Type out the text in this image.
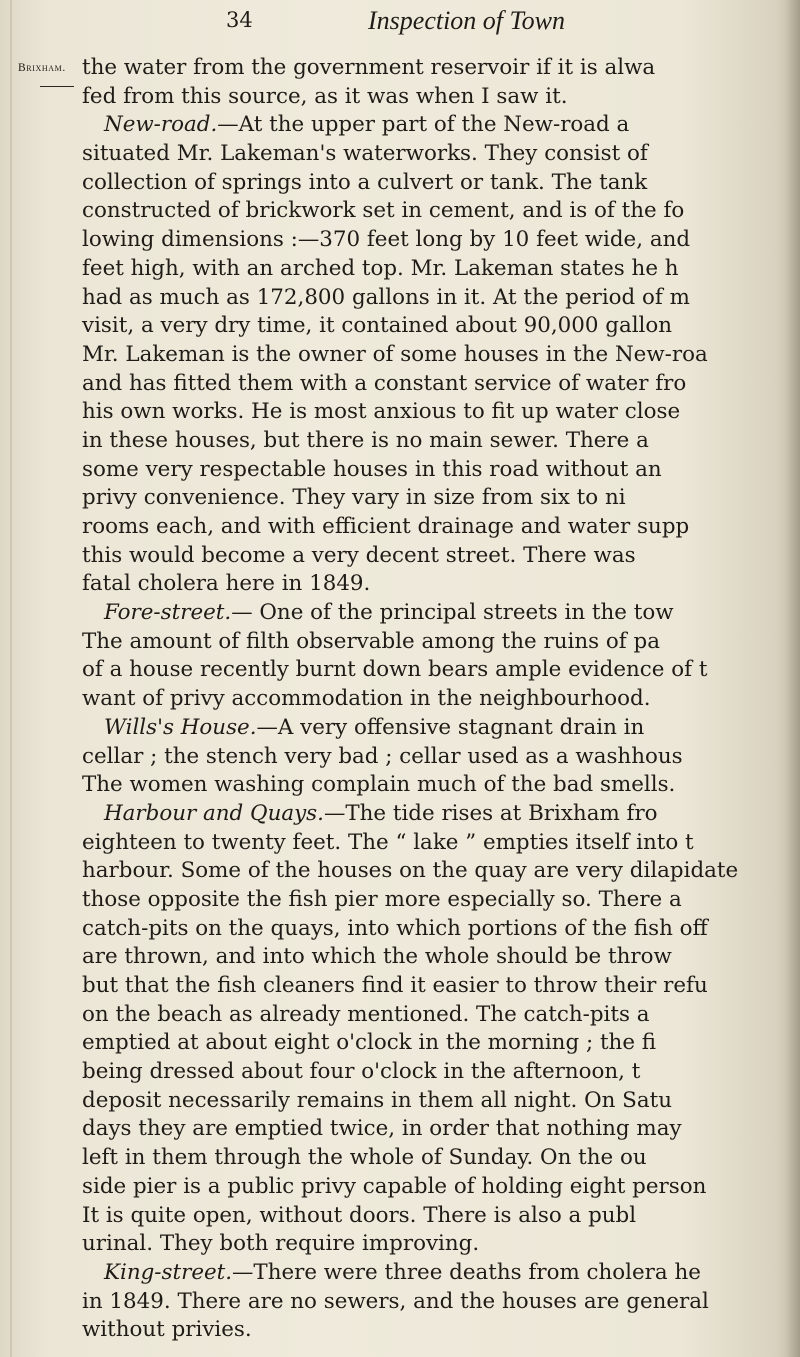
34	Inspection of Town
Brixham. the water from the government reservoir if it is alwa
fed from this source, as it was when I saw it.
New-road.—At the upper part of the New-road a
situated Mr. Lakeman's waterworks. They consist of
collection of springs into a culvert or tank. The tank
constructed of brickwork set in cement, and is of the fo
lowing dimensions :—370 feet long by 10 feet wide, and
feet high, with an arched top. Mr. Lakeman states he h
had as much as 172,800 gallons in it. At the period of m
visit, a very dry time, it contained about 90,000 gallon
Mr. Lakeman is the owner of some houses in the New-roa
and has fitted them with a constant service of water fro
his own works. He is most anxious to fit up water close
in these houses, but there is no main sewer. There a
some very respectable houses in this road without an
privy convenience. They vary in size from six to ni
rooms each, and with efficient drainage and water supp
this would become a very decent street. There was
fatal cholera here in 1849.
Fore-street.— One of the principal streets in the tow
The amount of filth observable among the ruins of pa
of a house recently burnt down bears ample evidence of t
want of privy accommodation in the neighbourhood.
Wills's House.—A very offensive stagnant drain in
cellar ; the stench very bad ; cellar used as a washhous
The women washing complain much of the bad smells.
Harbour and Quays.—The tide rises at Brixham fro
eighteen to twenty feet. The “ lake ” empties itself into t
harbour. Some of the houses on the quay are very dilapidate
those opposite the fish pier more especially so. There a
catch-pits on the quays, into which portions of the fish off
are thrown, and into which the whole should be throw
but that the fish cleaners find it easier to throw their refu
on the beach as already mentioned. The catch-pits a
emptied at about eight o'clock in the morning ; the fi
being dressed about four o'clock in the afternoon, t
deposit necessarily remains in them all night. On Satu
days they are emptied twice, in order that nothing may
left in them through the whole of Sunday. On the ou
side pier is a public privy capable of holding eight person
It is quite open, without doors. There is also a publ
urinal. They both require improving.
King-street.—There were three deaths from cholera he
in 1849. There are no sewers, and the houses are general
without privies.
